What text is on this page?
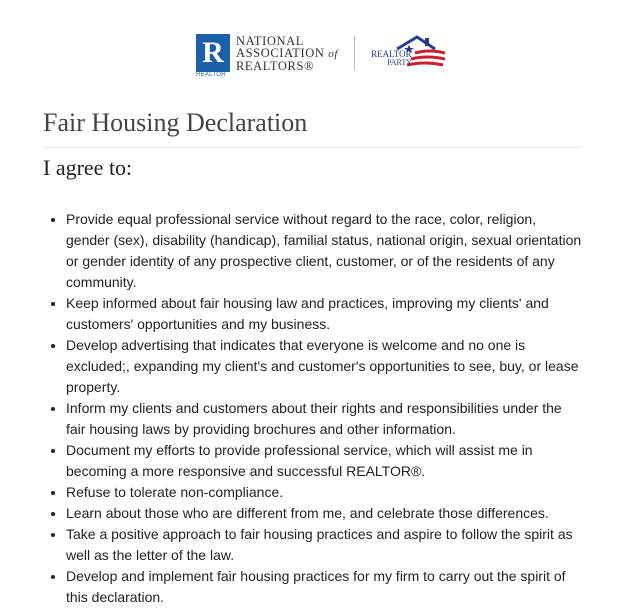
R
REALTOR
NATIONAL
ASSOCIATION of
REALTORS®
REALTOR
PARTY
Fair Housing Declaration
I agree to:
• Provide equal professional service without regard to the race, color, religion, gender (sex), disability (handicap), familial status, national origin, sexual orientation or gender identity of any prospective client, customer, or of the residents of any community.
• Keep informed about fair housing law and practices, improving my clients' and customers' opportunities and my business.
• Develop advertising that indicates that everyone is welcome and no one is excluded;, expanding my client's and customer's opportunities to see, buy, or lease property.
• Inform my clients and customers about their rights and responsibilities under the fair housing laws by providing brochures and other information.
• Document my efforts to provide professional service, which will assist me in becoming a more responsive and successful REALTOR®.
• Refuse to tolerate non-compliance.
• Learn about those who are different from me, and celebrate those differences.
• Take a positive approach to fair housing practices and aspire to follow the spirit as well as the letter of the law.
• Develop and implement fair housing practices for my firm to carry out the spirit of this declaration.
